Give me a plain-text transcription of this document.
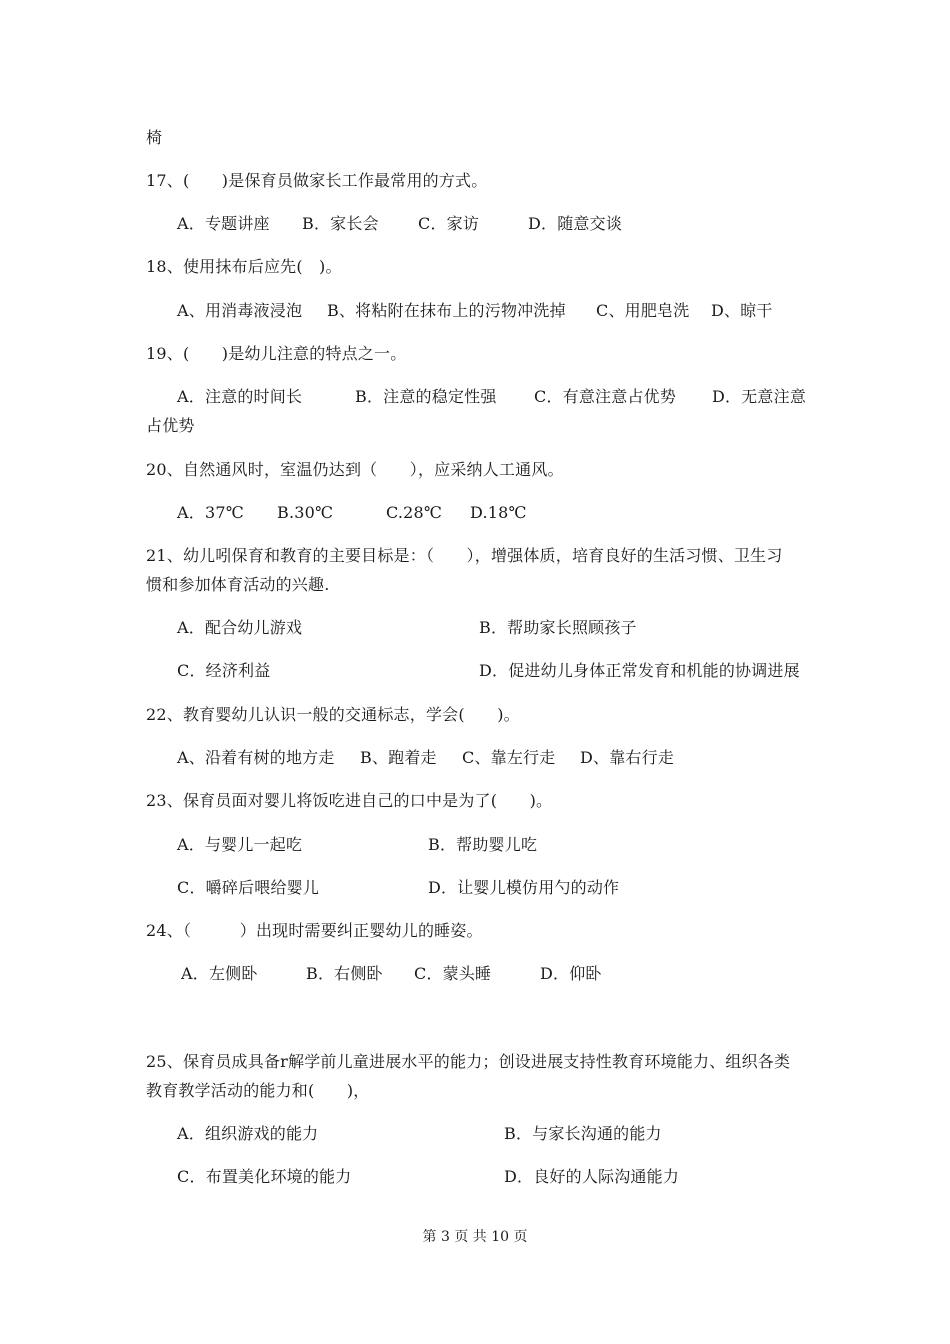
椅
17、(　　)是保育员做家长工作最常用的方式。
A．专题讲座 B．家长会 C．家访	D．随意交谈
18、使用抹布后应先(　)。
A、用消毒液浸泡 B、将粘附在抹布上的污物冲洗掉 C、用肥皂洗 D、晾干
19、(　　)是幼儿注意的特点之一。
A．注意的时间长	B．注意的稳定性强 C．有意注意占优势 D．无意注意
占优势
20、自然通风时，室温仍达到（　　），应采纳人工通风。
A．37℃ B.30℃	C.28℃ D.18℃
21、幼儿吲保育和教育的主要目标是：（　　），增强体质，培育良好的生活习惯、卫生习
惯和参加体育活动的兴趣.
A．配合幼儿游戏	B．帮助家长照顾孩子
C．经济利益	D．促进幼儿身体正常发育和机能的协调进展
22、教育婴幼儿认识一般的交通标志，学会(　　)。
A、沿着有树的地方走 B、跑着走 C、靠左行走 D、靠右行走
23、保育员面对婴儿将饭吃进自己的口中是为了(　　)。
A．与婴儿一起吃	B．帮助婴儿吃
C．嚼碎后喂给婴儿	D．让婴儿模仿用勺的动作
24、（　　　）出现时需要纠正婴幼儿的睡姿。
A．左侧卧	B．右侧卧 C．蒙头睡	D．仰卧
25、保育员成具备r解学前儿童进展水平的能力；创设进展支持性教育环境能力、组织各类
教育教学活动的能力和(　　)，
A．组织游戏的能力	B．与家长沟通的能力
C．布置美化环境的能力	D．良好的人际沟通能力
第 3 页 共 10 页
